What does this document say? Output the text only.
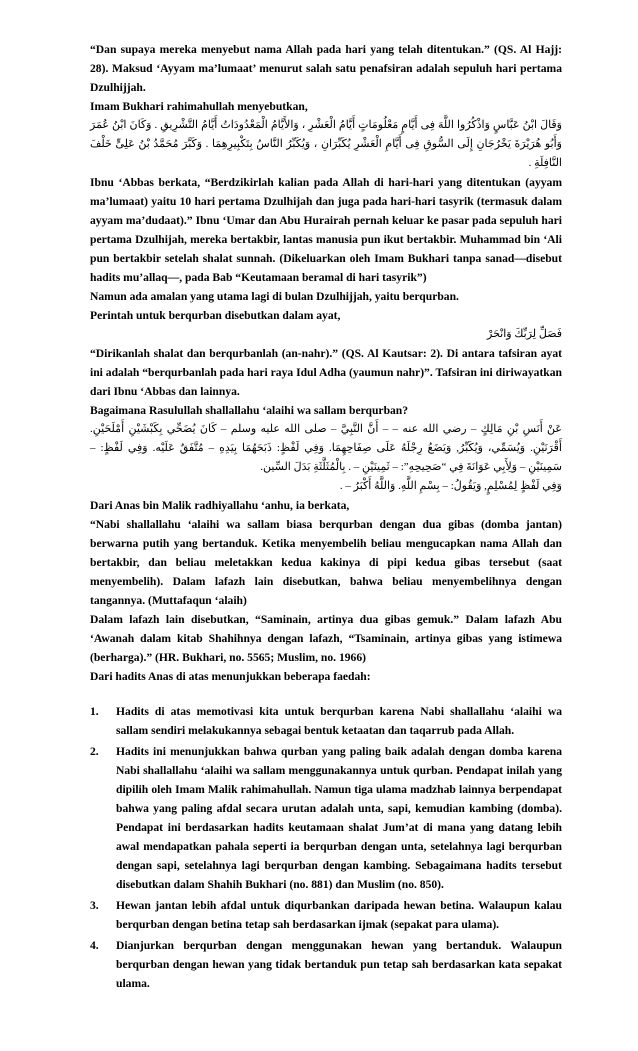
“Dan supaya mereka menyebut nama Allah pada hari yang telah ditentukan.” (QS. Al Hajj: 28). Maksud ‘Ayyam ma’lumaat’ menurut salah satu penafsiran adalah sepuluh hari pertama Dzulhijjah.

Imam Bukhari rahimahullah menyebutkan,

وَقَالَ ابْنُ عَبَّاسٍ وَاذْكُرُوا اللَّهَ فِى أَيَّامٍ مَعْلُومَاتٍ أَيَّامُ الْعَشْرِ ، وَالأَيَّامُ الْمَعْدُودَاتُ أَيَّامُ التَّشْرِيقِ . وَكَانَ ابْنُ عُمَرَ وَأَبُو هُرَيْرَةَ يَخْرُجَانِ إِلَى السُّوقِ فِى أَيَّامِ الْعَشْرِ يُكَبِّرَانِ ، وَيُكَبِّرُ النَّاسُ بِتَكْبِيرِهِمَا . وَكَبَّرَ مُحَمَّدُ بْنُ عَلِىٍّ خَلْفَ النَّافِلَةِ .

Ibnu ‘Abbas berkata, “Berdzikirlah kalian pada Allah di hari-hari yang ditentukan (ayyam ma’lumaat) yaitu 10 hari pertama Dzulhijah dan juga pada hari-hari tasyrik (termasuk dalam ayyam ma’dudaat).” Ibnu ‘Umar dan Abu Hurairah pernah keluar ke pasar pada sepuluh hari pertama Dzulhijah, mereka bertakbir, lantas manusia pun ikut bertakbir. Muhammad bin ‘Ali pun bertakbir setelah shalat sunnah. (Dikeluarkan oleh Imam Bukhari tanpa sanad—disebut hadits mu’allaq—, pada Bab “Keutamaan beramal di hari tasyrik”)

Namun ada amalan yang utama lagi di bulan Dzulhijjah, yaitu berqurban.

Perintah untuk berqurban disebutkan dalam ayat,

فَصَلِّ لِرَبِّكَ وَانْحَرْ

“Dirikanlah shalat dan berqurbanlah (an-nahr).” (QS. Al Kautsar: 2). Di antara tafsiran ayat ini adalah “berqurbanlah pada hari raya Idul Adha (yaumun nahr)”. Tafsiran ini diriwayatkan dari Ibnu ‘Abbas dan lainnya.

Bagaimana Rasulullah shallallahu ‘alaihi wa sallam berqurban?

عَنْ أَنَسِ بْنِ مَالِكٍ – رضي الله عنه – – أَنَّ النَّبِيَّ – صلى الله عليه وسلم – كَانَ يُضَحِّي بِكَبْشَيْنِ أَمْلَحَيْنِ. أَقْرَنَيْنِ. وَيُسَمِّي، وَيُكَبِّرُ, وَيَضَعُ رِجْلَهُ عَلَى صِفَاحِهِمَا. وَفِي لَفْظٍ: ذَبَحَهُمَا بِيَدِهِ – مُتَّفَقٌ عَلَيْه. وَفِي لَفْظٍ: – سَمِينَيْنِ – وَلِأَبِي عَوَانَةَ فِي “صَحِيحِهِ”: – ثَمِينَيْنِ – . بِالْمُثَلَّثَةِ بَدَلَ السِّين.

وَفِي لَفْظٍ لِمُسْلِمٍ, وَيَقُولُ: – بِسْمِ اللَّهِ. وَاللَّهُ أَكْبَرُ – .

Dari Anas bin Malik radhiyallahu ‘anhu, ia berkata,

“Nabi shallallahu ‘alaihi wa sallam biasa berqurban dengan dua gibas (domba jantan) berwarna putih yang bertanduk. Ketika menyembelih beliau mengucapkan nama Allah dan bertakbir, dan beliau meletakkan kedua kakinya di pipi kedua gibas tersebut (saat menyembelih). Dalam lafazh lain disebutkan, bahwa beliau menyembelihnya dengan tangannya. (Muttafaqun ‘alaih)

Dalam lafazh lain disebutkan, “Saminain, artinya dua gibas gemuk.” Dalam lafazh Abu ‘Awanah dalam kitab Shahihnya dengan lafazh, “Tsaminain, artinya gibas yang istimewa (berharga).” (HR. Bukhari, no. 5565; Muslim, no. 1966)

Dari hadits Anas di atas menunjukkan beberapa faedah:

1. Hadits di atas memotivasi kita untuk berqurban karena Nabi shallallahu ‘alaihi wa sallam sendiri melakukannya sebagai bentuk ketaatan dan taqarrub pada Allah.
2. Hadits ini menunjukkan bahwa qurban yang paling baik adalah dengan domba karena Nabi shallallahu ‘alaihi wa sallam menggunakannya untuk qurban. Pendapat inilah yang dipilih oleh Imam Malik rahimahullah. Namun tiga ulama madzhab lainnya berpendapat bahwa yang paling afdal secara urutan adalah unta, sapi, kemudian kambing (domba). Pendapat ini berdasarkan hadits keutamaan shalat Jum’at di mana yang datang lebih awal mendapatkan pahala seperti ia berqurban dengan unta, setelahnya lagi berqurban dengan sapi, setelahnya lagi berqurban dengan kambing. Sebagaimana hadits tersebut disebutkan dalam Shahih Bukhari (no. 881) dan Muslim (no. 850).
3. Hewan jantan lebih afdal untuk diqurbankan daripada hewan betina. Walaupun kalau berqurban dengan betina tetap sah berdasarkan ijmak (sepakat para ulama).
4. Dianjurkan berqurban dengan menggunakan hewan yang bertanduk. Walaupun berqurban dengan hewan yang tidak bertanduk pun tetap sah berdasarkan kata sepakat ulama.
